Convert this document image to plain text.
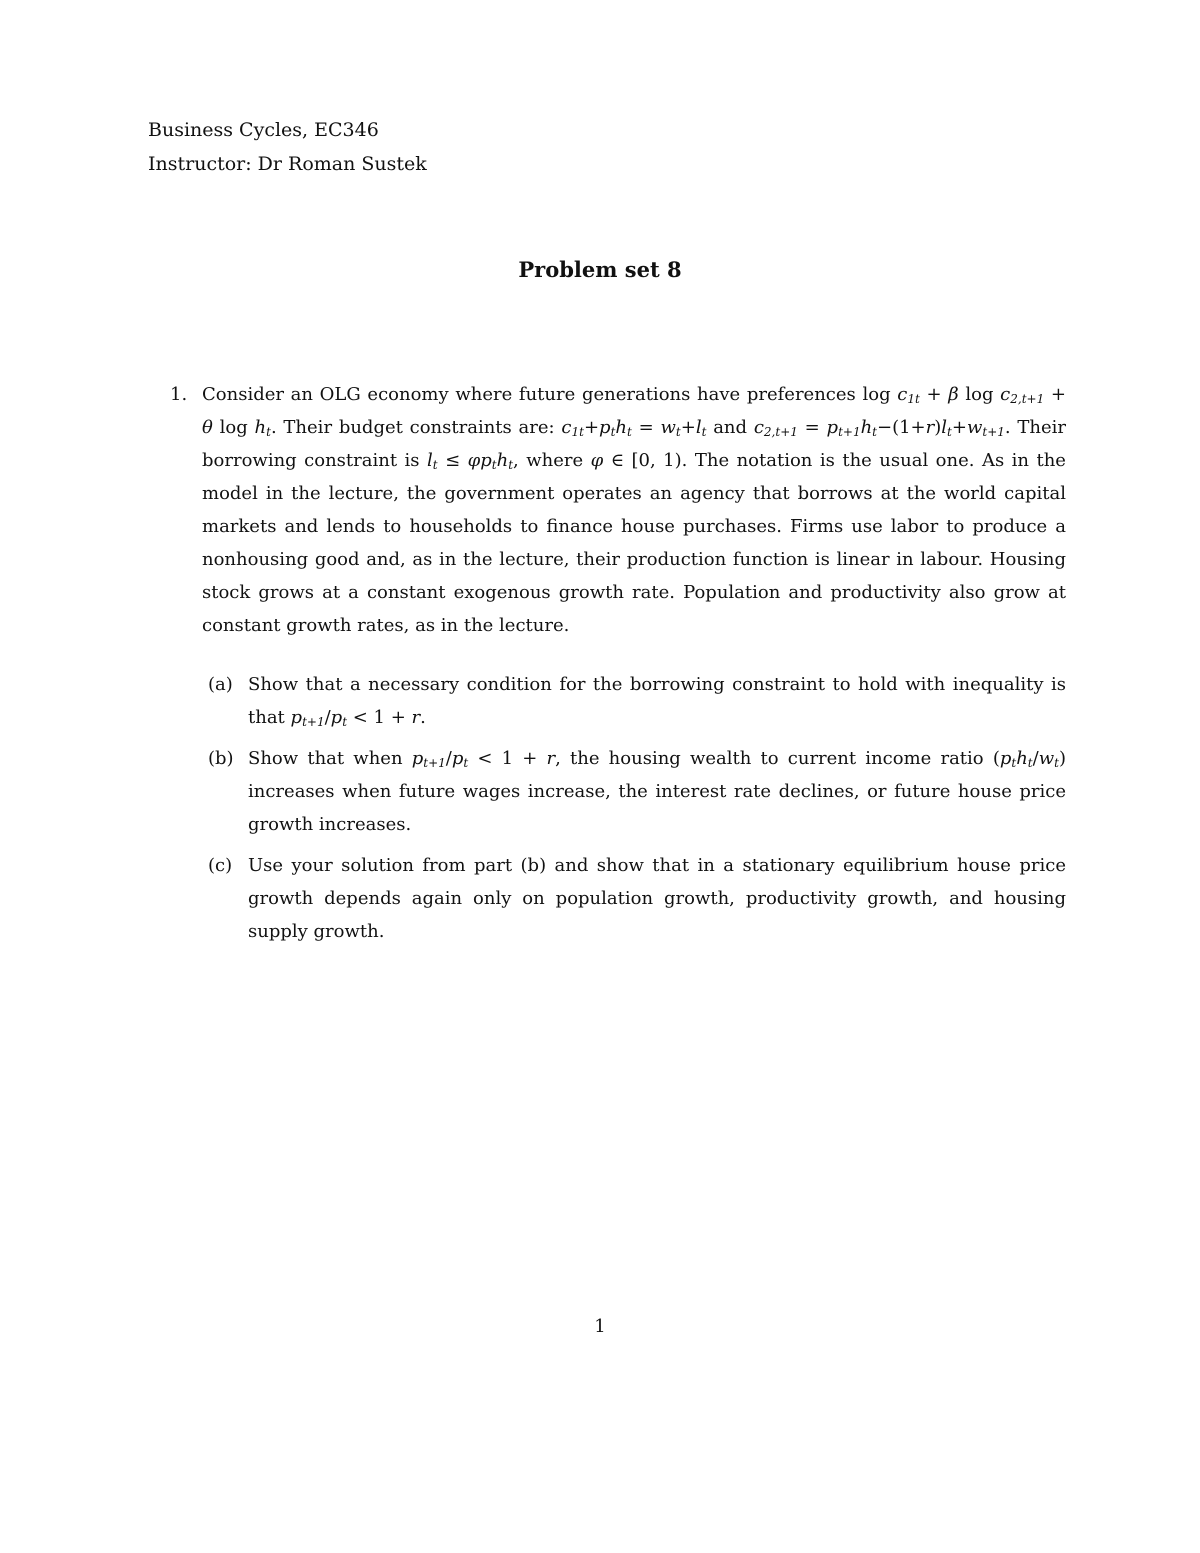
Business Cycles, EC346
Instructor: Dr Roman Sustek
Problem set 8
1. Consider an OLG economy where future generations have preferences $\log c_{1t} + \beta$ $\log c_{2,t+1} + \theta$ $\log h_t$. Their budget constraints are: $c_{1t}+p_th_t = w_t+l_t$ and $c_{2,t+1} = p_{t+1}h_t-(1+r)l_t+w_{t+1}$. Their borrowing constraint is $l_t \le \varphi p_th_t$, where φ ∈ [0, 1). The notation is the usual one. As in the model in the lecture, the government operates an agency that borrows at the world capital markets and lends to households to finance house purchases. Firms use labor to produce a nonhousing good and, as in the lecture, their production function is linear in labour. Housing stock grows at a constant exogenous growth rate. Population and productivity also grow at constant growth rates, as in the lecture.
(a) Show that a necessary condition for the borrowing constraint to hold with inequality is that $p_{t+1}/p_t < 1 + r$.
(b) Show that when $p_{t+1}/p_t < 1 + r$, the housing wealth to current income ratio $(p_th_t/w_t)$ increases when future wages increase, the interest rate declines, or future house price growth increases.
(c) Use your solution from part (b) and show that in a stationary equilibrium house price growth depends again only on population growth, productivity growth, and housing supply growth.
1
